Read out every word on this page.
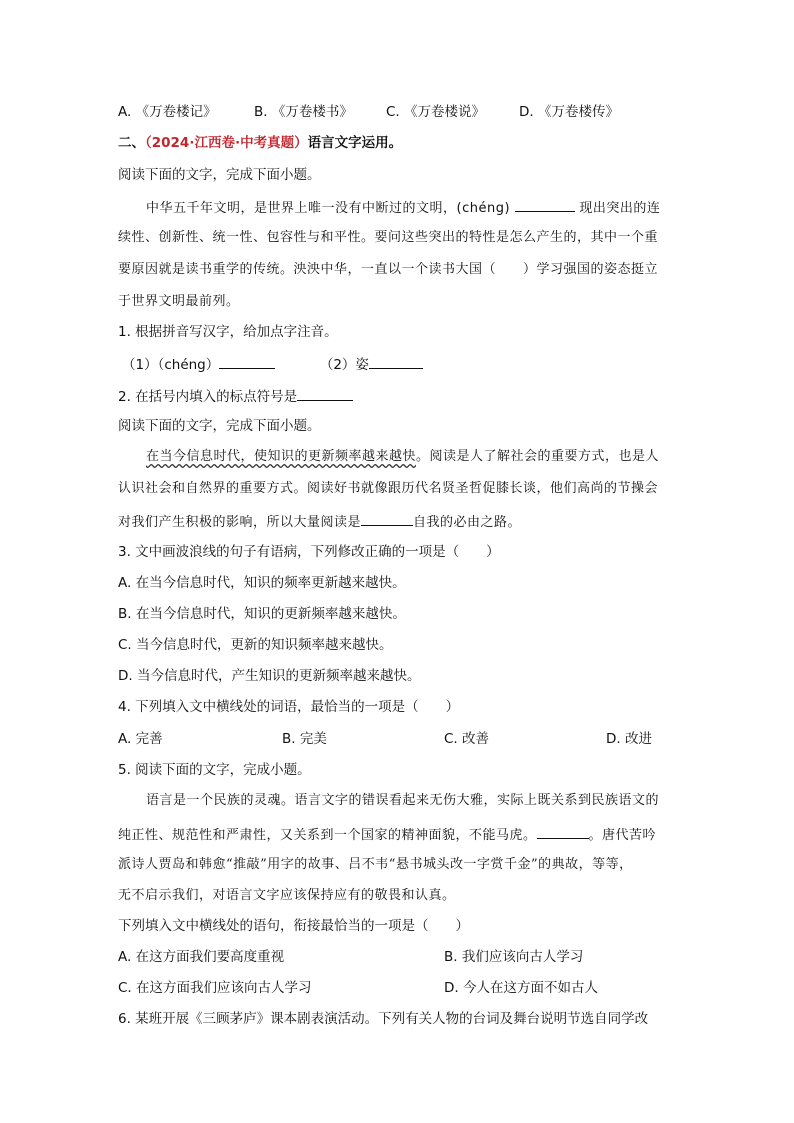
A. 《万卷楼记》	B. 《万卷楼书》 C. 《万卷楼说》	D. 《万卷楼传》
二、（2024·江西卷·中考真题）语言文字运用。
阅读下面的文字，完成下面小题。
中华五千年文明，是世界上唯一没有中断过的文明，(chéng)	现出突出的连
续性、创新性、统一性、包容性与和平性。要问这些突出的特性是怎么产生的，其中一个重
要原因就是读书重学的传统。泱泱中华，一直以一个读书大国（　　）学习强国的姿态挺立
于世界文明最前列。
1. 根据拼音写汉字，给加点字注音。
（1）（chéng）	（2）姿
2. 在括号内填入的标点符号是
阅读下面的文字，完成下面小题。
在当今信息时代，使知识的更新频率越来越快。阅读是人了解社会的重要方式，也是人
认识社会和自然界的重要方式。阅读好书就像跟历代名贤圣哲促膝长谈，他们高尚的节操会
对我们产生积极的影响，所以大量阅读是	自我的必由之路。
3. 文中画波浪线的句子有语病，下列修改正确的一项是（　　）
A. 在当今信息时代，知识的频率更新越来越快。
B. 在当今信息时代，知识的更新频率越来越快。
C. 当今信息时代，更新的知识频率越来越快。
D. 当今信息时代，产生知识的更新频率越来越快。
4. 下列填入文中横线处的词语，最恰当的一项是（　　）
A. 完善	B. 完美	C. 改善	D. 改进
5. 阅读下面的文字，完成小题。
语言是一个民族的灵魂。语言文字的错误看起来无伤大雅，实际上既关系到民族语文的
纯正性、规范性和严肃性，又关系到一个国家的精神面貌，不能马虎。	。唐代苦吟
派诗人贾岛和韩愈“推敲”用字的故事、吕不韦“悬书城头改一字赏千金”的典故，等等，
无不启示我们，对语言文字应该保持应有的敬畏和认真。
下列填入文中横线处的语句，衔接最恰当的一项是（　　）
A. 在这方面我们要高度重视	B. 我们应该向古人学习
C. 在这方面我们应该向古人学习	D. 今人在这方面不如古人
6. 某班开展《三顾茅庐》课本剧表演活动。下列有关人物的台词及舞台说明节选自同学改
